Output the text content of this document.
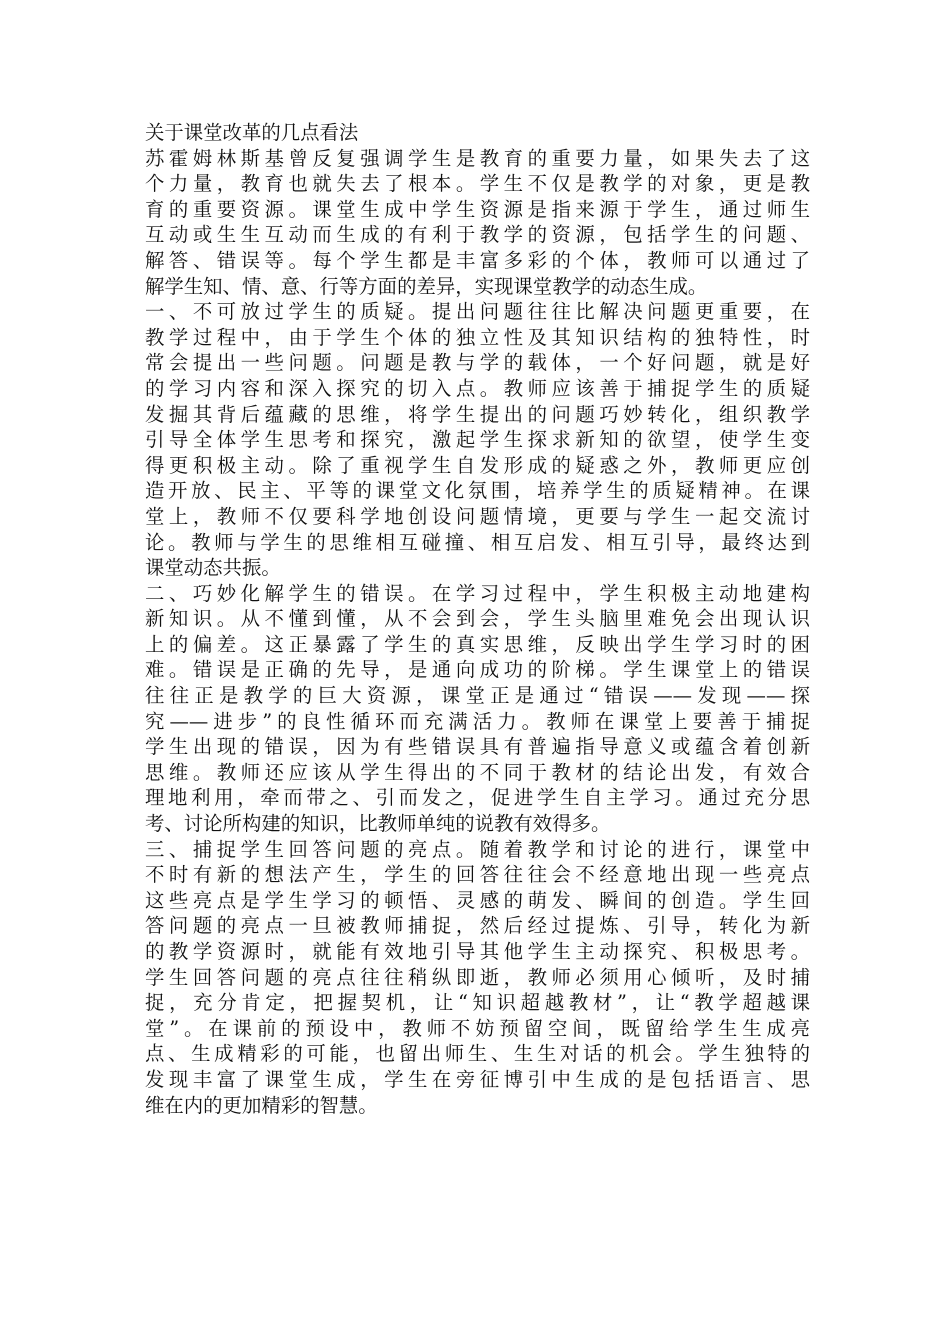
关于课堂改革的几点看法
苏霍姆林斯基曾反复强调学生是教育的重要力量，如果失去了这
个力量，教育也就失去了根本。学生不仅是教学的对象，更是教
育的重要资源。课堂生成中学生资源是指来源于学生，通过师生
互动或生生互动而生成的有利于教学的资源，包括学生的问题、
解答、错误等。每个学生都是丰富多彩的个体，教师可以通过了
解学生知、情、意、行等方面的差异，实现课堂教学的动态生成。
一、不可放过学生的质疑。提出问题往往比解决问题更重要，在
教学过程中，由于学生个体的独立性及其知识结构的独特性，时
常会提出一些问题。问题是教与学的载体，一个好问题，就是好
的学习内容和深入探究的切入点。教师应该善于捕捉学生的质疑
发掘其背后蕴藏的思维，将学生提出的问题巧妙转化，组织教学
引导全体学生思考和探究，激起学生探求新知的欲望，使学生变
得更积极主动。除了重视学生自发形成的疑惑之外，教师更应创
造开放、民主、平等的课堂文化氛围，培养学生的质疑精神。在课
堂上，教师不仅要科学地创设问题情境，更要与学生一起交流讨
论。教师与学生的思维相互碰撞、相互启发、相互引导，最终达到
课堂动态共振。
二、巧妙化解学生的错误。在学习过程中，学生积极主动地建构
新知识。从不懂到懂，从不会到会，学生头脑里难免会出现认识
上的偏差。这正暴露了学生的真实思维，反映出学生学习时的困
难。错误是正确的先导，是通向成功的阶梯。学生课堂上的错误
往往正是教学的巨大资源，课堂正是通过“错误——发现——探
究——进步”的良性循环而充满活力。教师在课堂上要善于捕捉
学生出现的错误，因为有些错误具有普遍指导意义或蕴含着创新
思维。教师还应该从学生得出的不同于教材的结论出发，有效合
理地利用，牵而带之、引而发之，促进学生自主学习。通过充分思
考、讨论所构建的知识，比教师单纯的说教有效得多。
三、捕捉学生回答问题的亮点。随着教学和讨论的进行，课堂中
不时有新的想法产生，学生的回答往往会不经意地出现一些亮点
这些亮点是学生学习的顿悟、灵感的萌发、瞬间的创造。学生回
答问题的亮点一旦被教师捕捉，然后经过提炼、引导，转化为新
的教学资源时，就能有效地引导其他学生主动探究、积极思考。
学生回答问题的亮点往往稍纵即逝，教师必须用心倾听，及时捕
捉，充分肯定，把握契机，让“知识超越教材”，让“教学超越课
堂”。在课前的预设中，教师不妨预留空间，既留给学生生成亮
点、生成精彩的可能，也留出师生、生生对话的机会。学生独特的
发现丰富了课堂生成，学生在旁征博引中生成的是包括语言、思
维在内的更加精彩的智慧。
